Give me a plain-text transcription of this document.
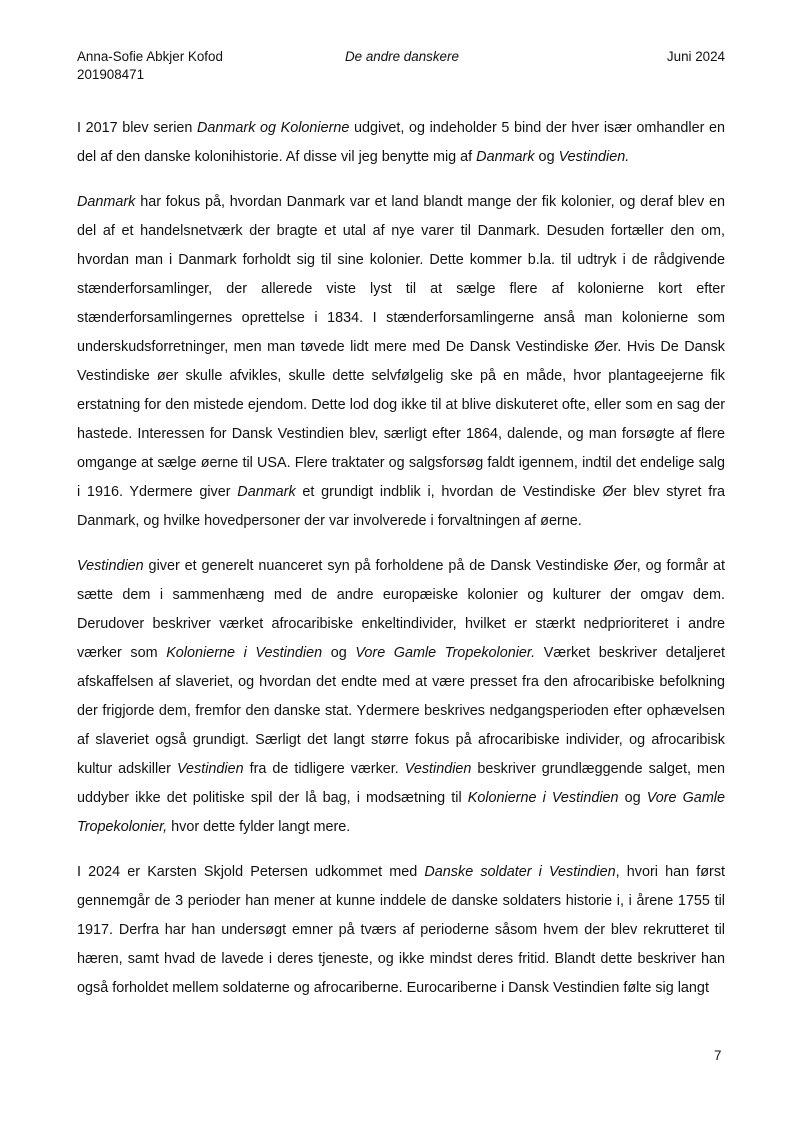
Anna-Sofie Abkjer Kofod
201908471
De andre danskere	Juni 2024

I 2017 blev serien Danmark og Kolonierne udgivet, og indeholder 5 bind der hver især omhandler en del af den danske kolonihistorie. Af disse vil jeg benytte mig af Danmark og Vestindien.

Danmark har fokus på, hvordan Danmark var et land blandt mange der fik kolonier, og deraf blev en del af et handelsnetværk der bragte et utal af nye varer til Danmark. Desuden fortæller den om, hvordan man i Danmark forholdt sig til sine kolonier. Dette kommer b.la. til udtryk i de rådgivende stænderforsamlinger, der allerede viste lyst til at sælge flere af kolonierne kort efter stænderforsamlingernes oprettelse i 1834. I stænderforsamlingerne anså man kolonierne som underskudsforretninger, men man tøvede lidt mere med De Dansk Vestindiske Øer. Hvis De Dansk Vestindiske øer skulle afvikles, skulle dette selvfølgelig ske på en måde, hvor plantageejerne fik erstatning for den mistede ejendom. Dette lod dog ikke til at blive diskuteret ofte, eller som en sag der hastede. Interessen for Dansk Vestindien blev, særligt efter 1864, dalende, og man forsøgte af flere omgange at sælge øerne til USA. Flere traktater og salgsforsøg faldt igennem, indtil det endelige salg i 1916. Ydermere giver Danmark et grundigt indblik i, hvordan de Vestindiske Øer blev styret fra Danmark, og hvilke hovedpersoner der var involverede i forvaltningen af øerne.

Vestindien giver et generelt nuanceret syn på forholdene på de Dansk Vestindiske Øer, og formår at sætte dem i sammenhæng med de andre europæiske kolonier og kulturer der omgav dem. Derudover beskriver værket afrocaribiske enkeltindivider, hvilket er stærkt nedprioriteret i andre værker som Kolonierne i Vestindien og Vore Gamle Tropekolonier. Værket beskriver detaljeret afskaffelsen af slaveriet, og hvordan det endte med at være presset fra den afrocaribiske befolkning der frigjorde dem, fremfor den danske stat. Ydermere beskrives nedgangsperioden efter ophævelsen af slaveriet også grundigt. Særligt det langt større fokus på afrocaribiske individer, og afrocaribisk kultur adskiller Vestindien fra de tidligere værker. Vestindien beskriver grundlæggende salget, men uddyber ikke det politiske spil der lå bag, i modsætning til Kolonierne i Vestindien og Vore Gamle Tropekolonier, hvor dette fylder langt mere.

I 2024 er Karsten Skjold Petersen udkommet med Danske soldater i Vestindien, hvori han først gennemgår de 3 perioder han mener at kunne inddele de danske soldaters historie i, i årene 1755 til 1917. Derfra har han undersøgt emner på tværs af perioderne såsom hvem der blev rekrutteret til hæren, samt hvad de lavede i deres tjeneste, og ikke mindst deres fritid. Blandt dette beskriver han også forholdet mellem soldaterne og afrocariberne. Eurocariberne i Dansk Vestindien følte sig langt

7
